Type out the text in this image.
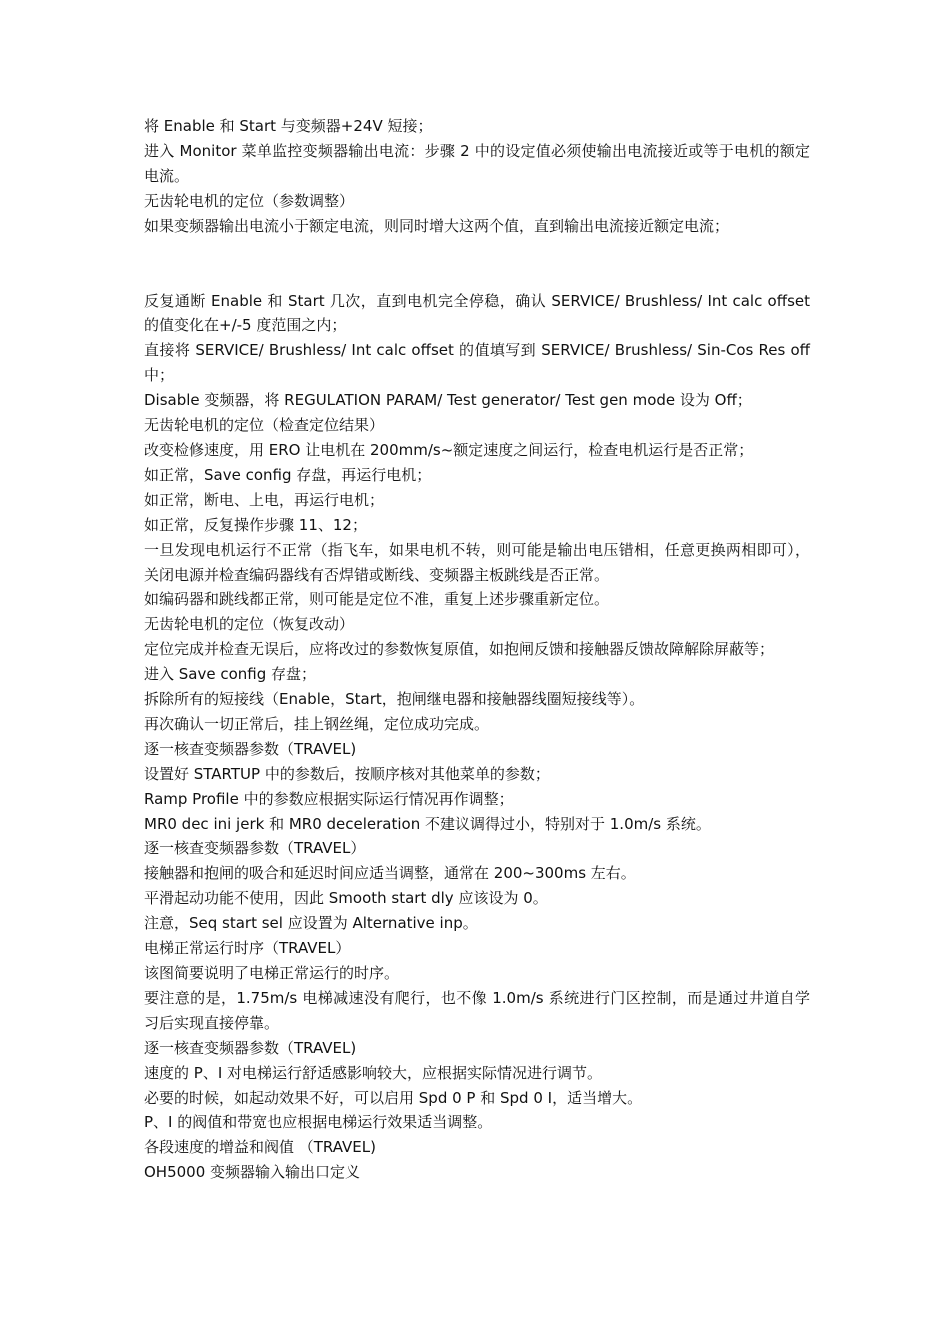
将 Enable 和 Start 与变频器+24V 短接；
进入 Monitor 菜单监控变频器输出电流：步骤 2 中的设定值必须使输出电流接近或等于电机的额定电流。
无齿轮电机的定位（参数调整）
如果变频器输出电流小于额定电流，则同时增大这两个值，直到输出电流接近额定电流；
反复通断 Enable 和 Start 几次，直到电机完全停稳，确认 SERVICE/ Brushless/ Int calc offset 的值变化在+/-5 度范围之内；
直接将 SERVICE/ Brushless/ Int calc offset 的值填写到 SERVICE/ Brushless/ Sin-Cos Res off 中；
Disable 变频器，将 REGULATION PARAM/ Test generator/ Test gen mode 设为 Off；
无齿轮电机的定位（检查定位结果）
改变检修速度，用 ERO 让电机在 200mm/s~额定速度之间运行，检查电机运行是否正常；
如正常，Save config 存盘，再运行电机；
如正常，断电、上电，再运行电机；
如正常，反复操作步骤 11、12；
一旦发现电机运行不正常（指飞车，如果电机不转，则可能是输出电压错相，任意更换两相即可），关闭电源并检查编码器线有否焊错或断线、变频器主板跳线是否正常。
如编码器和跳线都正常，则可能是定位不准，重复上述步骤重新定位。
无齿轮电机的定位（恢复改动）
定位完成并检查无误后，应将改过的参数恢复原值，如抱闸反馈和接触器反馈故障解除屏蔽等；
进入 Save config 存盘；
拆除所有的短接线（Enable，Start，抱闸继电器和接触器线圈短接线等）。
再次确认一切正常后，挂上钢丝绳，定位成功完成。
逐一核查变频器参数（TRAVEL)
设置好 STARTUP 中的参数后，按顺序核对其他菜单的参数；
Ramp Profile 中的参数应根据实际运行情况再作调整；
MR0 dec ini jerk 和 MR0 deceleration 不建议调得过小，特别对于 1.0m/s 系统。
逐一核查变频器参数（TRAVEL）
接触器和抱闸的吸合和延迟时间应适当调整，通常在 200~300ms 左右。
平滑起动功能不使用，因此 Smooth start dly 应该设为 0。
注意，Seq start sel 应设置为 Alternative inp。
电梯正常运行时序（TRAVEL）
该图简要说明了电梯正常运行的时序。
要注意的是，1.75m/s 电梯减速没有爬行，也不像 1.0m/s 系统进行门区控制，而是通过井道自学习后实现直接停靠。
逐一核查变频器参数（TRAVEL)
速度的 P、I 对电梯运行舒适感影响较大，应根据实际情况进行调节。
必要的时候，如起动效果不好，可以启用 Spd 0 P 和 Spd 0 I，适当增大。
P、I 的阀值和带宽也应根据电梯运行效果适当调整。
各段速度的增益和阀值 （TRAVEL)
OH5000 变频器输入输出口定义
